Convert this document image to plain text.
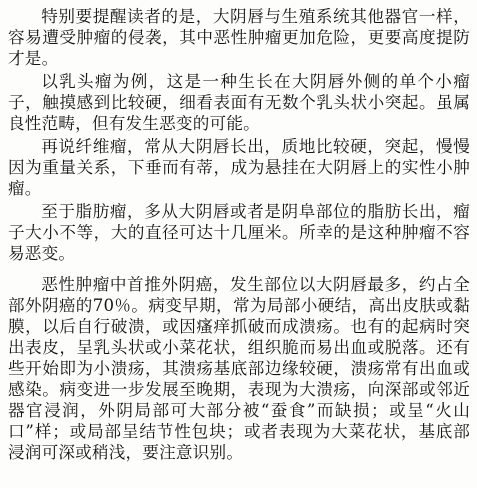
特别要提醒读者的是，大阴唇与生殖系统其他器官一样，容易遭受肿瘤的侵袭，其中恶性肿瘤更加危险，更要高度提防才是。

以乳头瘤为例，这是一种生长在大阴唇外侧的单个小瘤子，触摸感到比较硬，细看表面有无数个乳头状小突起。虽属良性范畴，但有发生恶变的可能。

再说纤维瘤，常从大阴唇长出，质地比较硬，突起，慢慢因为重量关系，下垂而有蒂，成为悬挂在大阴唇上的实性小肿瘤。

至于脂肪瘤，多从大阴唇或者是阴阜部位的脂肪长出，瘤子大小不等，大的直径可达十几厘米。所幸的是这种肿瘤不容易恶变。

恶性肿瘤中首推外阴癌，发生部位以大阴唇最多，约占全部外阴癌的70％。病变早期，常为局部小硬结，高出皮肤或黏膜，以后自行破溃，或因瘙痒抓破而成溃疡。也有的起病时突出表皮，呈乳头状或小菜花状，组织脆而易出血或脱落。还有些开始即为小溃疡，其溃疡基底部边缘较硬，溃疡常有出血或感染。病变进一步发展至晚期，表现为大溃疡，向深部或邻近器官浸润，外阴局部可大部分被“蚕食”而缺损；或呈“火山口”样；或局部呈结节性包块；或者表现为大菜花状，基底部浸润可深或稍浅，要注意识别。
